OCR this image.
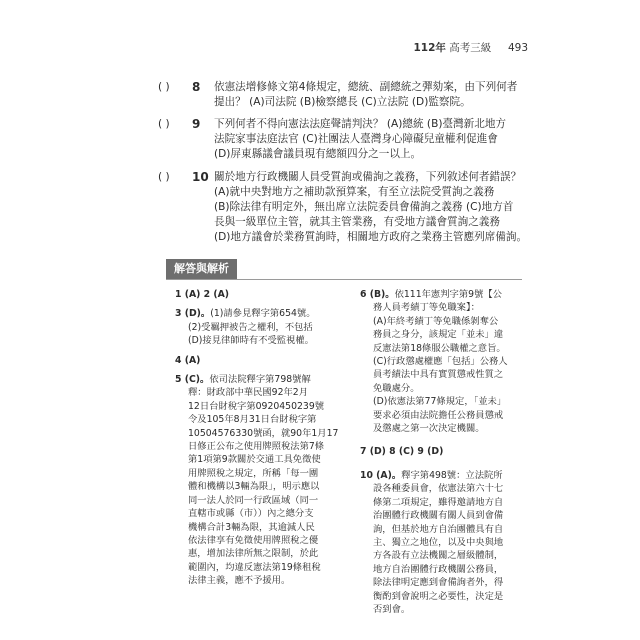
112年 高考三級 493
( ) 8 依憲法增修條文第4條規定，總統、副總統之彈劾案，由下列何者
提出？ (A)司法院 (B)檢察總長 (C)立法院 (D)監察院。
( ) 9 下列何者不得向憲法法庭聲請判決？ (A)總統 (B)臺灣新北地方
法院家事法庭法官 (C)社團法人臺灣身心障礙兒童權利促進會
(D)屏東縣議會議員現有總額四分之一以上。
( ) 10 關於地方行政機關人員受質詢或備詢之義務，下列敘述何者錯誤？
(A)就中央對地方之補助款預算案，有至立法院受質詢之義務
(B)除法律有明定外，無出席立法院委員會備詢之義務 (C)地方首
長與一級單位主管，就其主管業務，有受地方議會質詢之義務
(D)地方議會於業務質詢時，相關地方政府之業務主管應列席備詢。
解答與解析
1 (A) 2 (A)
3 (D)。(1)請參見釋字第654號。
(2)受羈押被告之權利，不包括
(D)接見律師時有不受監視權。
4 (A)
5 (C)。依司法院釋字第798號解
釋：財政部中華民國92年2月
12日台財稅字第0920450239號
令及105年8月31日台財稅字第
10504576330號函，就90年1月17
日修正公布之使用牌照稅法第7條
第1項第9款關於交通工具免徵使
用牌照稅之規定，所稱「每一團
體和機構以3輛為限」，明示應以
同一法人於同一行政區域（同一
直轄市或縣（市））內之總分支
機構合計3輛為限，其逾減人民
依法律享有免徵使用牌照稅之優
惠，增加法律所無之限制，於此
範圍內，均違反憲法第19條租稅
法律主義，應不予援用。
6 (B)。依111年憲判字第9號【公
務人員考績丁等免職案】：
(A)年終考績丁等免職係剝奪公
務員之身分，該規定「並未」違
反憲法第18條服公職權之意旨。
(C)行政懲處權應「包括」公務人
員考績法中具有實質懲戒性質之
免職處分。
(D)依憲法第77條規定，「並未」
要求必須由法院擔任公務員懲戒
及懲處之第一次決定機關。
7 (D) 8 (C) 9 (D)
10 (A)。釋字第498號：立法院所
設各種委員會，依憲法第六十七
條第二項規定，雖得邀請地方自
治團體行政機關有關人員到會備
詢，但基於地方自治團體具有自
主、獨立之地位，以及中央與地
方各設有立法機關之層級體制，
地方自治團體行政機關公務員，
除法律明定應到會備詢者外，得
衡酌到會說明之必要性，決定是
否到會。
